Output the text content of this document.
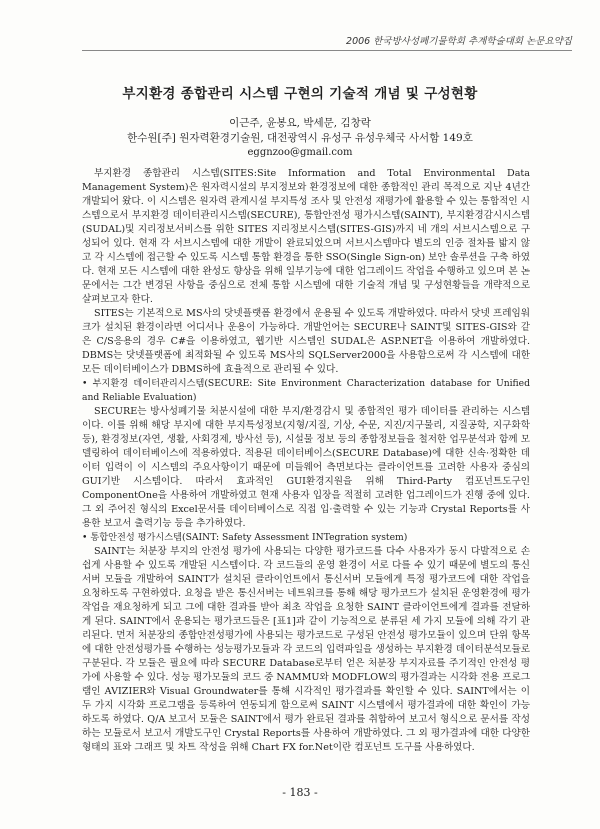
2006 한국방사성폐기물학회 추계학술대회 논문요약집
부지환경 종합관리 시스템 구현의 기술적 개념 및 구성현황
이근주, 윤봉요, 박세문, 김창락
한수원[주] 원자력환경기술원, 대전광역시 유성구 유성우체국 사서함 149호
eggnzoo@gmail.com

부지환경 종합관리 시스템(SITES:Site Information and Total Environmental Data Management System)은 원자력시설의 부지정보와 환경정보에 대한 종합적인 관리 목적으로 지난 4년간 개발되어 왔다. 이 시스템은 원자력 관계시설 부지특성 조사 및 안전성 재평가에 활용할 수 있는 통합적인 시스템으로서 부지환경 데이터관리시스템(SECURE), 통합안전성 평가시스템(SAINT), 부지환경감시시스템(SUDAL)및 지리정보서비스를 위한 SITES 지리정보시스템(SITES-GIS)까지 네 개의 서브시스템으로 구성되어 있다. 현재 각 서브시스템에 대한 개발이 완료되었으며 서브시스템마다 별도의 인증 절차를 밟지 않고 각 시스템에 접근할 수 있도록 시스템 통합 환경을 통한 SSO(Single Sign-on) 보안 솔루션을 구축 하였다. 현재 모든 시스템에 대한 완성도 향상을 위해 일부기능에 대한 업그레이드 작업을 수행하고 있으며 본 논문에서는 그간 변경된 사항을 중심으로 전체 통합 시스템에 대한 기술적 개념 및 구성현황들을 개략적으로 살펴보고자 한다.

SITES는 기본적으로 MS사의 닷넷플랫폼 환경에서 운용될 수 있도록 개발하였다. 따라서 닷넷 프레임워크가 설치된 환경이라면 어디서나 운용이 가능하다. 개발언어는 SECURE나 SAINT및 SITES-GIS와 같은 C/S응용의 경우 C#을 이용하였고, 웹기반 시스템인 SUDAL은 ASP.NET을 이용하여 개발하였다. DBMS는 닷넷플랫폼에 최적화될 수 있도록 MS사의 SQLServer2000을 사용함으로써 각 시스템에 대한 모든 데이터베이스가 DBMS하에 효율적으로 관리될 수 있다.

• 부지환경 데이터관리시스템(SECURE: Site Environment Characterization database for Unified and Reliable Evaluation)

SECURE는 방사성폐기물 처분시설에 대한 부지/환경감시 및 종합적인 평가 데이터를 관리하는 시스템이다. 이를 위해 해당 부지에 대한 부지특성정보(지형/지질, 기상, 수문, 지진/지구물리, 지질공학, 지구화학 등), 환경정보(자연, 생활, 사회경제, 방사선 등), 시설물 정보 등의 종합정보들을 철저한 업무분석과 함께 모델링하여 데이터베이스에 적용하였다. 적용된 데이터베이스(SECURE Database)에 대한 신속·정확한 데이터 입력이 이 시스템의 주요사항이기 때문에 미들웨어 측면보다는 클라이언트를 고려한 사용자 중심의 GUI기반 시스템이다. 따라서 효과적인 GUI환경지원을 위해 Third-Party 컴포넌트도구인 ComponentOne을 사용하여 개발하였고 현재 사용자 입장을 적절히 고려한 업그레이드가 진행 중에 있다. 그 외 주어진 형식의 Excel문서를 데이터베이스로 직접 입·출력할 수 있는 기능과 Crystal Reports를 사용한 보고서 출력기능 등을 추가하였다.

• 통합안전성 평가시스템(SAINT: Safety Assessment INTegration system)

SAINT는 처분장 부지의 안전성 평가에 사용되는 다양한 평가코드를 다수 사용자가 동시 다발적으로 손쉽게 사용할 수 있도록 개발된 시스템이다. 각 코드들의 운영 환경이 서로 다를 수 있기 때문에 별도의 통신서버 모듈을 개발하여 SAINT가 설치된 클라이언트에서 통신서버 모듈에게 특정 평가코드에 대한 작업을 요청하도록 구현하였다. 요청을 받은 통신서버는 네트워크를 통해 해당 평가코드가 설치된 운영환경에 평가 작업을 재요청하게 되고 그에 대한 결과를 받아 최초 작업을 요청한 SAINT 클라이언트에게 결과를 전달하게 된다. SAINT에서 운용되는 평가코드들은 [표1]과 같이 기능적으로 분류된 세 가지 모듈에 의해 각기 관리된다. 먼저 처분장의 종합안전성평가에 사용되는 평가코드로 구성된 안전성 평가모듈이 있으며 단위 항목에 대한 안전성평가를 수행하는 성능평가모듈과 각 코드의 입력파일을 생성하는 부지환경 데이터분석모듈로 구분된다. 각 모듈은 필요에 따라 SECURE Database로부터 얻은 처분장 부지자료를 주기적인 안전성 평가에 사용할 수 있다. 성능 평가모듈의 코드 중 NAMMU와 MODFLOW의 평가결과는 시각화 전용 프로그램인 AVIZIER와 Visual Groundwater를 통해 시각적인 평가결과를 확인할 수 있다. SAINT에서는 이 두 가지 시각화 프로그램을 등록하여 연동되게 함으로써 SAINT 시스템에서 평가결과에 대한 확인이 가능하도록 하였다. Q/A 보고서 모듈은 SAINT에서 평가 완료된 결과를 취합하여 보고서 형식으로 문서를 작성하는 모듈로서 보고서 개발도구인 Crystal Reports를 사용하여 개발하였다. 그 외 평가결과에 대한 다양한 형태의 표와 그래프 및 차트 작성을 위해 Chart FX for.Net이란 컴포넌트 도구를 사용하였다.

- 183 -
